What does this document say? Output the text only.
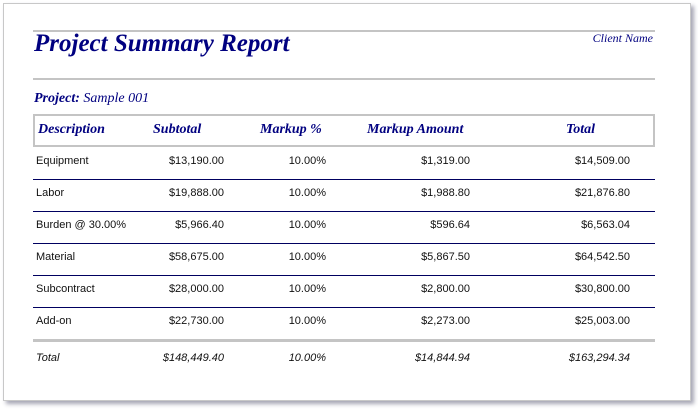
Project Summary Report	Client Name
Project: Sample 001
Description	Subtotal	Markup %	Markup Amount	Total
Equipment	$13,190.00	10.00%	$1,319.00	$14,509.00
Labor	$19,888.00	10.00%	$1,988.80	$21,876.80
Burden @ 30.00%	$5,966.40	10.00%	$596.64	$6,563.04
Material	$58,675.00	10.00%	$5,867.50	$64,542.50
Subcontract	$28,000.00	10.00%	$2,800.00	$30,800.00
Add-on	$22,730.00	10.00%	$2,273.00	$25,003.00
Total	$148,449.40	10.00%	$14,844.94	$163,294.34
